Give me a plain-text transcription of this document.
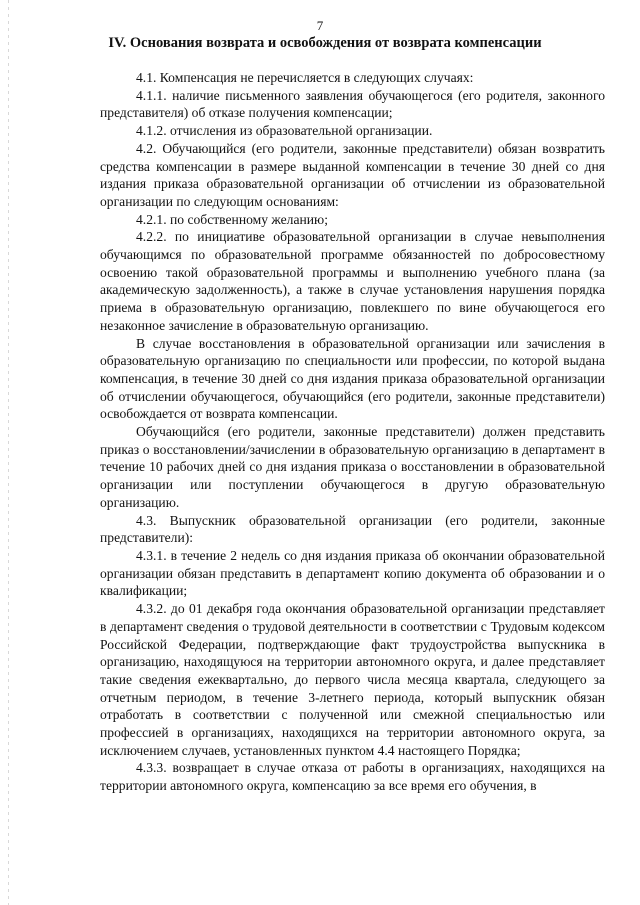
7
IV. Основания возврата и освобождения от возврата компенсации

4.1. Компенсация не перечисляется в следующих случаях:

4.1.1. наличие письменного заявления обучающегося (его родителя, законного представителя) об отказе получения компенсации;

4.1.2. отчисления из образовательной организации.

4.2. Обучающийся (его родители, законные представители) обязан возвратить средства компенсации в размере выданной компенсации в течение 30 дней со дня издания приказа образовательной организации об отчислении из образовательной организации по следующим основаниям:

4.2.1. по собственному желанию;

4.2.2. по инициативе образовательной организации в случае невыполнения обучающимся по образовательной программе обязанностей по добросовестному освоению такой образовательной программы и выполнению учебного плана (за академическую задолженность), а также в случае установления нарушения порядка приема в образовательную организацию, повлекшего по вине обучающегося его незаконное зачисление в образовательную организацию.

В случае восстановления в образовательной организации или зачисления в образовательную организацию по специальности или профессии, по которой выдана компенсация, в течение 30 дней со дня издания приказа образовательной организации об отчислении обучающегося, обучающийся (его родители, законные представители) освобождается от возврата компенсации.

Обучающийся (его родители, законные представители) должен представить приказ о восстановлении/зачислении в образовательную организацию в департамент в течение 10 рабочих дней со дня издания приказа о восстановлении в образовательной организации или поступлении обучающегося в другую образовательную организацию.

4.3. Выпускник образовательной организации (его родители, законные представители):

4.3.1. в течение 2 недель со дня издания приказа об окончании образовательной организации обязан представить в департамент копию документа об образовании и о квалификации;

4.3.2. до 01 декабря года окончания образовательной организации представляет в департамент сведения о трудовой деятельности в соответствии с Трудовым кодексом Российской Федерации, подтверждающие факт трудоустройства выпускника в организацию, находящуюся на территории автономного округа, и далее представляет такие сведения ежеквартально, до первого числа месяца квартала, следующего за отчетным периодом, в течение 3-летнего периода, который выпускник обязан отработать в соответствии с полученной или смежной специальностью или профессией в организациях, находящихся на территории автономного округа, за исключением случаев, установленных пунктом 4.4 настоящего Порядка;

4.3.3. возвращает в случае отказа от работы в организациях, находящихся на территории автономного округа, компенсацию за все время его обучения, в
